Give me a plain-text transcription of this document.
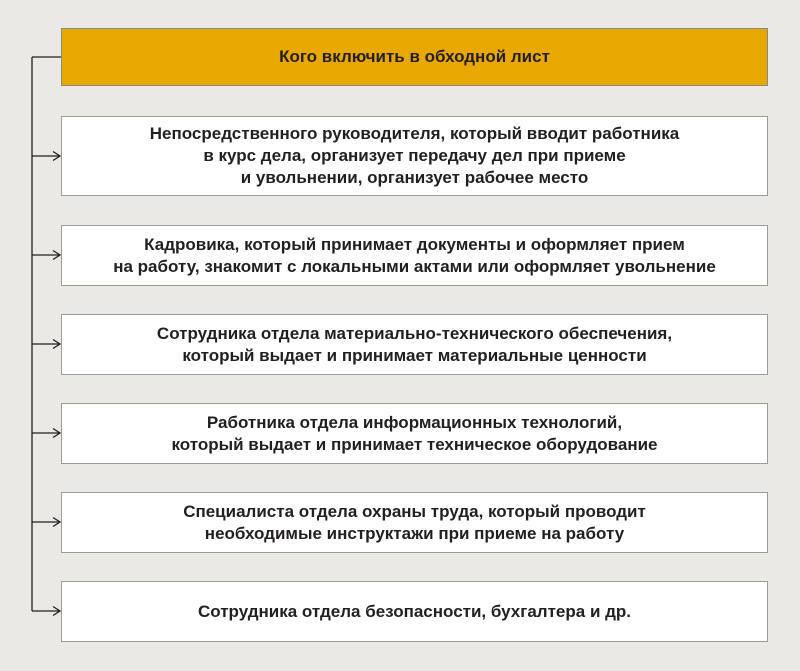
Кого включить в обходной лист
Непосредственного руководителя, который вводит работника
в курс дела, организует передачу дел при приеме
и увольнении, организует рабочее место
Кадровика, который принимает документы и оформляет прием
на работу, знакомит с локальными актами или оформляет увольнение
Сотрудника отдела материально-технического обеспечения,
который выдает и принимает материальные ценности
Работника отдела информационных технологий,
который выдает и принимает техническое оборудование
Специалиста отдела охраны труда, который проводит
необходимые инструктажи при приеме на работу
Сотрудника отдела безопасности, бухгалтера и др.
